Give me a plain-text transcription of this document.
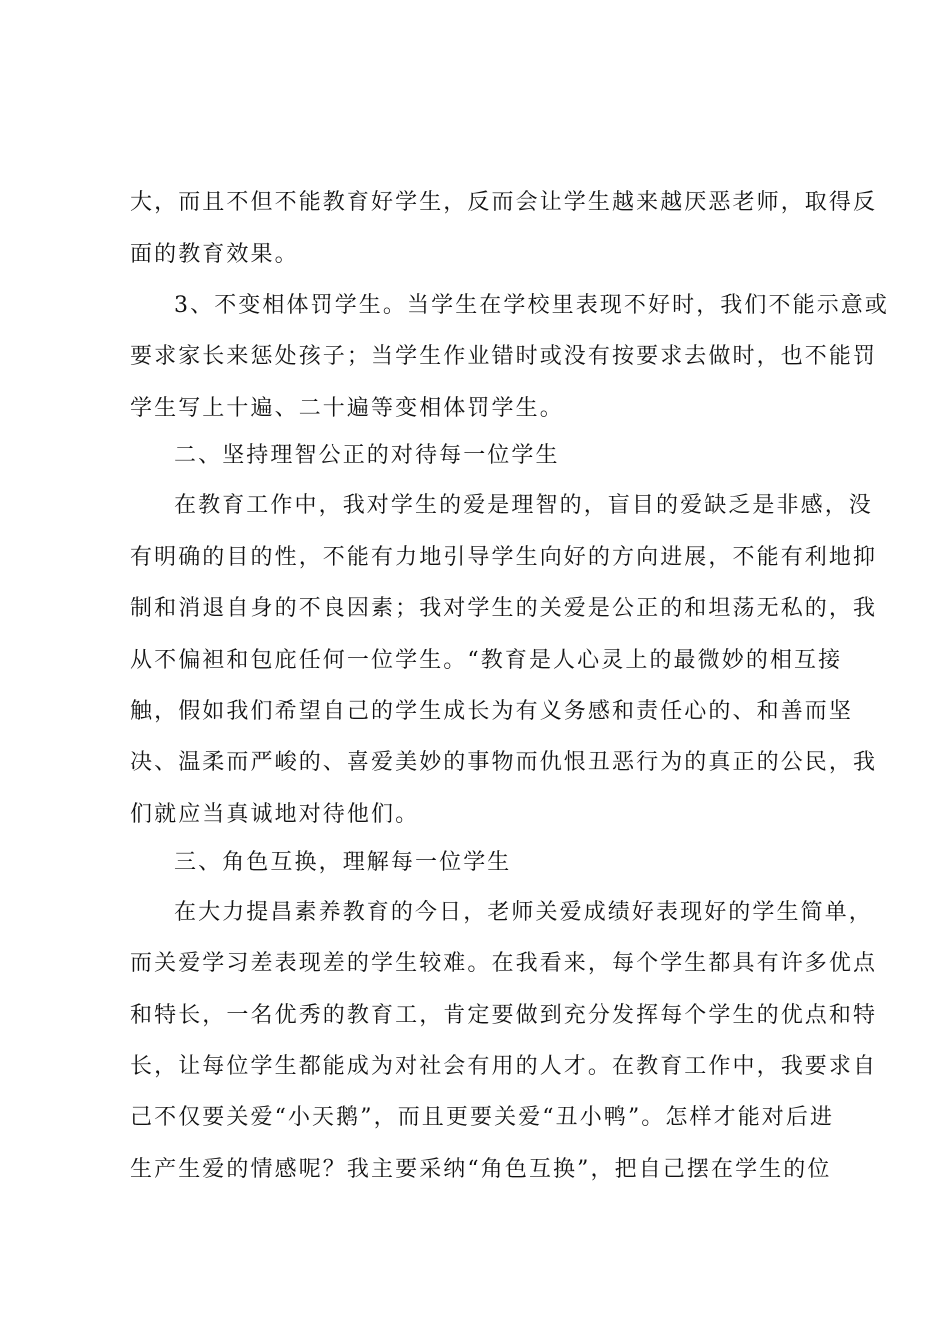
大，而且不但不能教育好学生，反而会让学生越来越厌恶老师，取得反
面的教育效果。
3、不变相体罚学生。当学生在学校里表现不好时，我们不能示意或
要求家长来惩处孩子；当学生作业错时或没有按要求去做时，也不能罚
学生写上十遍、二十遍等变相体罚学生。
二、坚持理智公正的对待每一位学生
在教育工作中，我对学生的爱是理智的，盲目的爱缺乏是非感，没
有明确的目的性，不能有力地引导学生向好的方向进展，不能有利地抑
制和消退自身的不良因素；我对学生的关爱是公正的和坦荡无私的，我
从不偏袒和包庇任何一位学生。“教育是人心灵上的最微妙的相互接
触，假如我们希望自己的学生成长为有义务感和责任心的、和善而坚
决、温柔而严峻的、喜爱美妙的事物而仇恨丑恶行为的真正的公民，我
们就应当真诚地对待他们。
三、角色互换，理解每一位学生
在大力提昌素养教育的今日，老师关爱成绩好表现好的学生简单，
而关爱学习差表现差的学生较难。在我看来，每个学生都具有许多优点
和特长，一名优秀的教育工，肯定要做到充分发挥每个学生的优点和特
长，让每位学生都能成为对社会有用的人才。在教育工作中，我要求自
己不仅要关爱“小天鹅”，而且更要关爱“丑小鸭”。怎样才能对后进
生产生爱的情感呢？我主要采纳“角色互换”，把自己摆在学生的位
